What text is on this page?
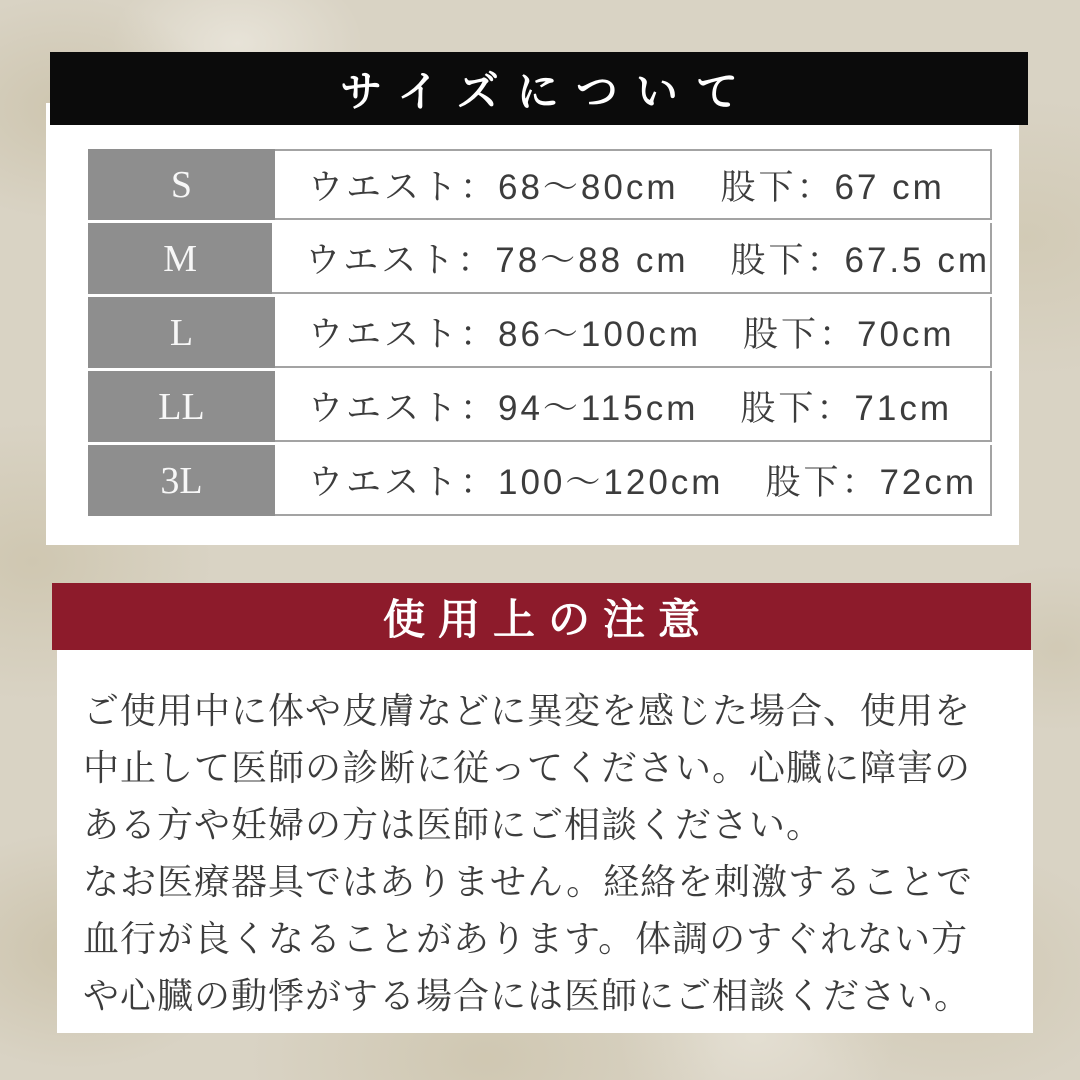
サイズについて
S	ウエスト：68〜80cm 股下：67 cm
M	ウエスト：78〜88 cm 股下：67.5 cm
L	ウエスト：86〜100cm 股下：70cm
LL	ウエスト：94〜115cm 股下：71cm
3L	ウエスト：100〜120cm 股下：72cm
使用上の注意

ご使用中に体や皮膚などに異変を感じた場合、使用を中止して医師の診断に従ってください。心臓に障害のある方や妊婦の方は医師にご相談ください。

なお医療器具ではありません。経絡を刺激することで血行が良くなることがあります。体調のすぐれない方や心臓の動悸がする場合には医師にご相談ください。
